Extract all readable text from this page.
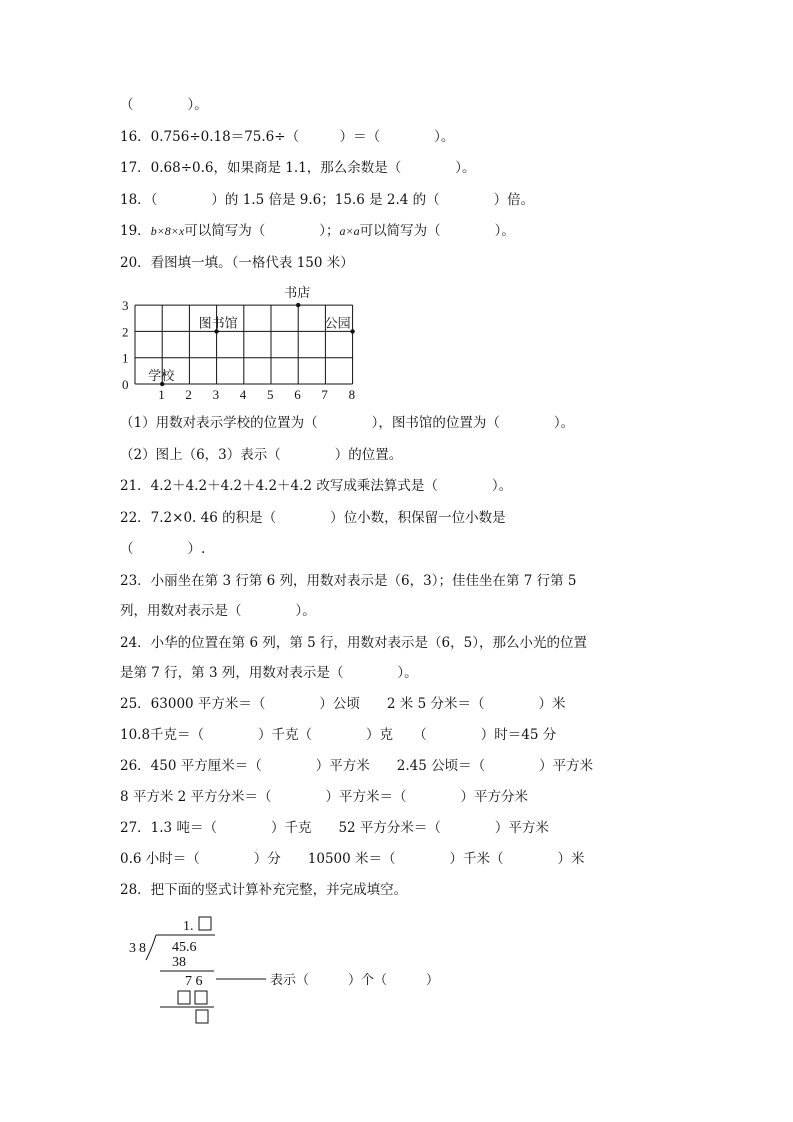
（　　　　）。
16．0.756÷0.18＝75.6÷（　　　）＝（　　　　）。
17．0.68÷0.6，如果商是 1.1，那么余数是（　　　　）。
18．（　　　　）的 1.5 倍是 9.6；15.6 是 2.4 的（　　　　）倍。
19．b×8×x可以简写为（　　　　）；a×a可以简写为（　　　　）。
20．看图填一填。（一格代表 150 米）
1 2 3 4 5 6 7 8
0
1
2
3
学校
图书馆
书店
公园
（1）用数对表示学校的位置为（　　　　），图书馆的位置为（　　　　）。
（2）图上（6，3）表示（　　　　）的位置。
21．4.2＋4.2＋4.2＋4.2＋4.2 改写成乘法算式是（　　　　）。
22．7.2×0. 46 的积是（　　　　）位小数，积保留一位小数是
（　　　　）.
23．小丽坐在第 3 行第 6 列，用数对表示是（6，3）；佳佳坐在第 7 行第 5
列，用数对表示是（　　　　）。
24．小华的位置在第 6 列，第 5 行，用数对表示是（6，5），那么小光的位置
是第 7 行，第 3 列，用数对表示是（　　　　）。
25．63000 平方米＝（　　　　）公顷　　2 米 5 分米＝（　　　　）米
10.8千克＝（　　　　）千克（　　　　）克　　（　　　　）时＝45 分
26．450 平方厘米＝（　　　　）平方米　　2.45 公顷＝（　　　　）平方米
8 平方米 2 平方分米＝（　　　　）平方米＝（　　　　）平方分米
27．1.3 吨＝（　　　　）千克　　52 平方分米＝（　　　　）平方米
0.6 小时＝（　　　　）分　　10500 米＝（　　　　）千米（　　　　）米
28．把下面的竖式计算补充完整，并完成填空。
1.
38 45.6
38
7 6	表示（　　　）个（　　　）
